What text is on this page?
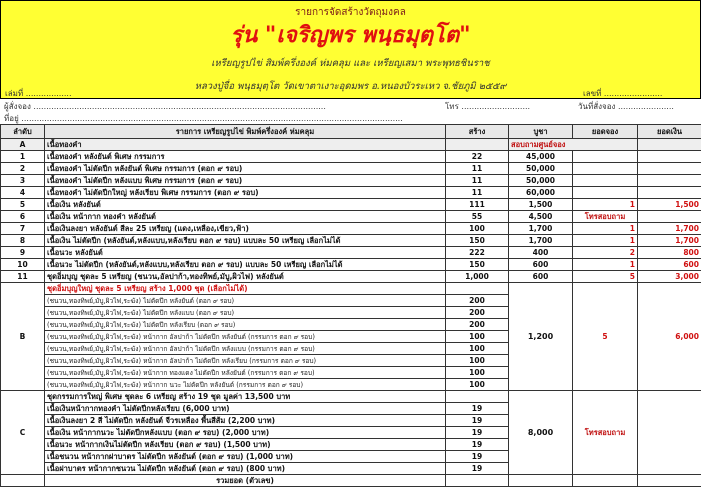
รายการจัดสร้างวัตถุมงคล
รุ่น "เจริญพร พนฺธมุตฺโต"
เหรียญรูปไข่ สิมพ์ครึ่งองค์ ห่มคลุม และ เหรียญเสมา พระพุทธชินราช
หลวงปู่จื่อ พนฺธมุตฺโต วัดเขาตาเงาะอุดมพร อ.หนองบัวระเหว จ.ชัยภูมิ ๒๕๕๙
เล่มที่ ..................	เลขที่ .......................
ผู้สั่งจอง ...................................................................................................................	โทร ...........................	วันที่สั่งจอง ......................
ที่อยู่ ......................................................................................................................................................
ลำดับ	รายการ เหรียญรูปไข่ พิมพ์ครึ่งองค์ ห่มคลุม	สร้าง	บูชา	ยอดจอง	ยอดเงิน
A	เนื้อทองคำ		สอบถามศูนย์จอง		
1	เนื้อทองคำ หลังยันต์ พิเศษ กรรมการ	22	45,000		
2	เนื้อทองคำ ไม่ตัดปีก หลังยันต์ พิเศษ กรรมการ (ตอก ๙ รอบ)	11	50,000		
3	เนื้อทองคำ ไม่ตัดปีก หลังแบบ พิเศษ กรรมการ (ตอก ๙ รอบ)	11	50,000		
4	เนื้อทองคำ ไม่ตัดปีกใหญ่ หลังเรียบ พิเศษ กรรมการ (ตอก ๙ รอบ)	11	60,000		
5	เนื้อเงิน หลังยันต์	111	1,500	1	1,500
6	เนื้อเงิน หน้ากาก ทองคำ หลังยันต์	55	4,500	โทรสอบถาม	
7	เนื้อเงินลงยา หลังยันต์ สีละ 25 เหรียญ (แดง,เหลือง,เขียว,ฟ้า)	100	1,700	1	1,700
8	เนื้อเงิน ไม่ตัดปีก (หลังยันต์,หลังแบบ,หลังเรียบ ตอก ๙ รอบ) แบบละ 50 เหรียญ เลือกไม่ได้	150	1,700	1	1,700
9	เนื้อนวะ หลังยันต์	222	400	2	800
10	เนื้อนวะ ไม่ตัดปีก (หลังยันต์,หลังแบบ,หลังเรียบ ตอก ๙ รอบ) แบบละ 50 เหรียญ เลือกไม่ได้	150	600	1	600
11	ชุดอิ่มบุญ ชุดละ 5 เหรียญ (ชนวน,อัลปาก้า,ทองทิพย์,มับู,ผิวไฟ) หลังยันต์	1,000	600	5	3,000
B	ชุดอิ่มบุญใหญ่ ชุดละ 5 เหรียญ สร้าง 1,000 ชุด (เลือกไม่ได้)		1,200	5	6,000
	(ชนวน,ทองทิพย์,มับู,ผิวไฟ,ระฆัง) ไม่ตัดปีก หลังยันต์ (ตอก ๙ รอบ)	200			
	(ชนวน,ทองทิพย์,มับู,ผิวไฟ,ระฆัง) ไม่ตัดปีก หลังแบบ (ตอก ๙ รอบ)	200			
	(ชนวน,ทองทิพย์,มับู,ผิวไฟ,ระฆัง) ไม่ตัดปีก หลังเรียบ (ตอก ๙ รอบ)	200			
	(ชนวน,ทองทิพย์,มับู,ผิวไฟ,ระฆัง) หน้ากาก อัลปาก้า ไม่ตัดปีก หลังยันต์ (กรรมการ ตอก ๙ รอบ)	100			
	(ชนวน,ทองทิพย์,มับู,ผิวไฟ,ระฆัง) หน้ากาก อัลปาก้า ไม่ตัดปีก หลังแบบ (กรรมการ ตอก ๙ รอบ)	100			
	(ชนวน,ทองทิพย์,มับู,ผิวไฟ,ระฆัง) หน้ากาก อัลปาก้า ไม่ตัดปีก หลังเรียบ (กรรมการ ตอก ๙ รอบ)	100			
	(ชนวน,ทองทิพย์,มับู,ผิวไฟ,ระฆัง) หน้ากาก ทองแดง ไม่ตัดปีก หลังยันต์ (กรรมการ ตอก ๙ รอบ)	100			
	(ชนวน,ทองทิพย์,มับู,ผิวไฟ,ระฆัง) หน้ากาก นวะ ไม่ตัดปีก หลังยันต์ (กรรมการ ตอก ๙ รอบ)	100			
C	ชุดกรรมการใหญ่ พิเศษ ชุดละ 6 เหรียญ สร้าง 19 ชุด มูลค่า 13,500 บาท		8,000	โทรสอบถาม	
	เนื้อเงินหน้ากากทองคำ ไม่ตัดปีกหลังเรียบ (6,000 บาท)	19			
	เนื้อเงินลงยา 2 สี ไม่ตัดปีก หลังยันต์ จีวรเหลือง พื้นสีส้ม (2,200 บาท)	19			
	เนื้อเงิน หน้ากากนวะ ไม่ตัดปีกหลังแบบ (ตอก ๙ รอบ) (2,000 บาท)	19			
	เนื้อนวะ หน้ากากเงินไม่ตัดปีก หลังเรียบ (ตอก ๙ รอบ) (1,500 บาท)	19			
	เนื้อชนวน หน้ากากฝาบาตร ไม่ตัดปีก หลังยันต์ (ตอก ๙ รอบ) (1,000 บาท)	19			
	เนื้อฝาบาตร หน้ากากชนวน ไม่ตัดปีก หลังยันต์ (ตอก ๙ รอบ) (800 บาท)	19			
	รวมยอด (ตัวเลข)				
